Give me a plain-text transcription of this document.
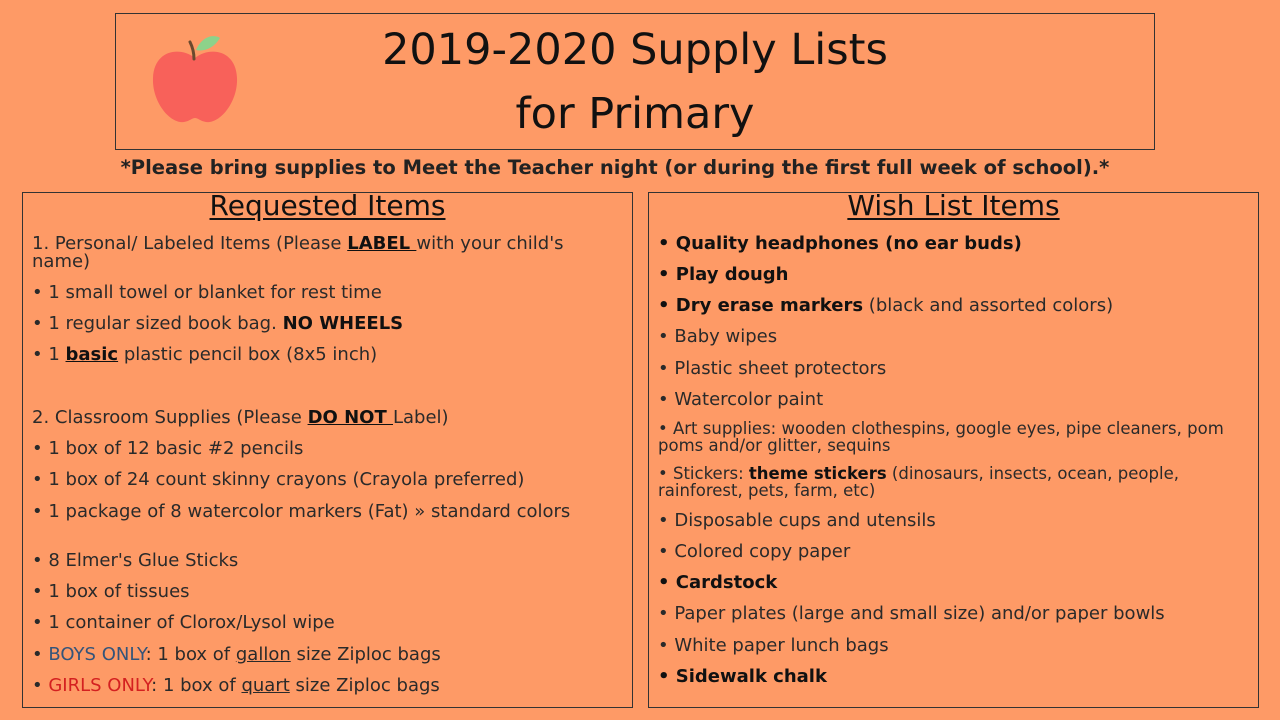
2019-2020 Supply Lists
for Primary
*Please bring supplies to Meet the Teacher night (or during the first full week of school).*
Requested Items
1. Personal/ Labeled Items (Please LABEL with your child's name)
• 1 small towel or blanket for rest time
• 1 regular sized book bag. NO WHEELS
• 1 basic plastic pencil box (8x5 inch)
2. Classroom Supplies (Please DO NOT Label)
• 1 box of 12 basic #2 pencils
• 1 box of 24 count skinny crayons (Crayola preferred)
• 1 package of 8 watercolor markers (Fat) » standard colors
• 8 Elmer's Glue Sticks
• 1 box of tissues
• 1 container of Clorox/Lysol wipe
• BOYS ONLY: 1 box of gallon size Ziploc bags
• GIRLS ONLY: 1 box of quart size Ziploc bags
Wish List Items
• Quality headphones (no ear buds)
• Play dough
• Dry erase markers (black and assorted colors)
• Baby wipes
• Plastic sheet protectors
• Watercolor paint
• Art supplies: wooden clothespins, google eyes, pipe cleaners, pom poms and/or glitter, sequins
• Stickers: theme stickers (dinosaurs, insects, ocean, people, rainforest, pets, farm, etc)
• Disposable cups and utensils
• Colored copy paper
• Cardstock
• Paper plates (large and small size) and/or paper bowls
• White paper lunch bags
• Sidewalk chalk
